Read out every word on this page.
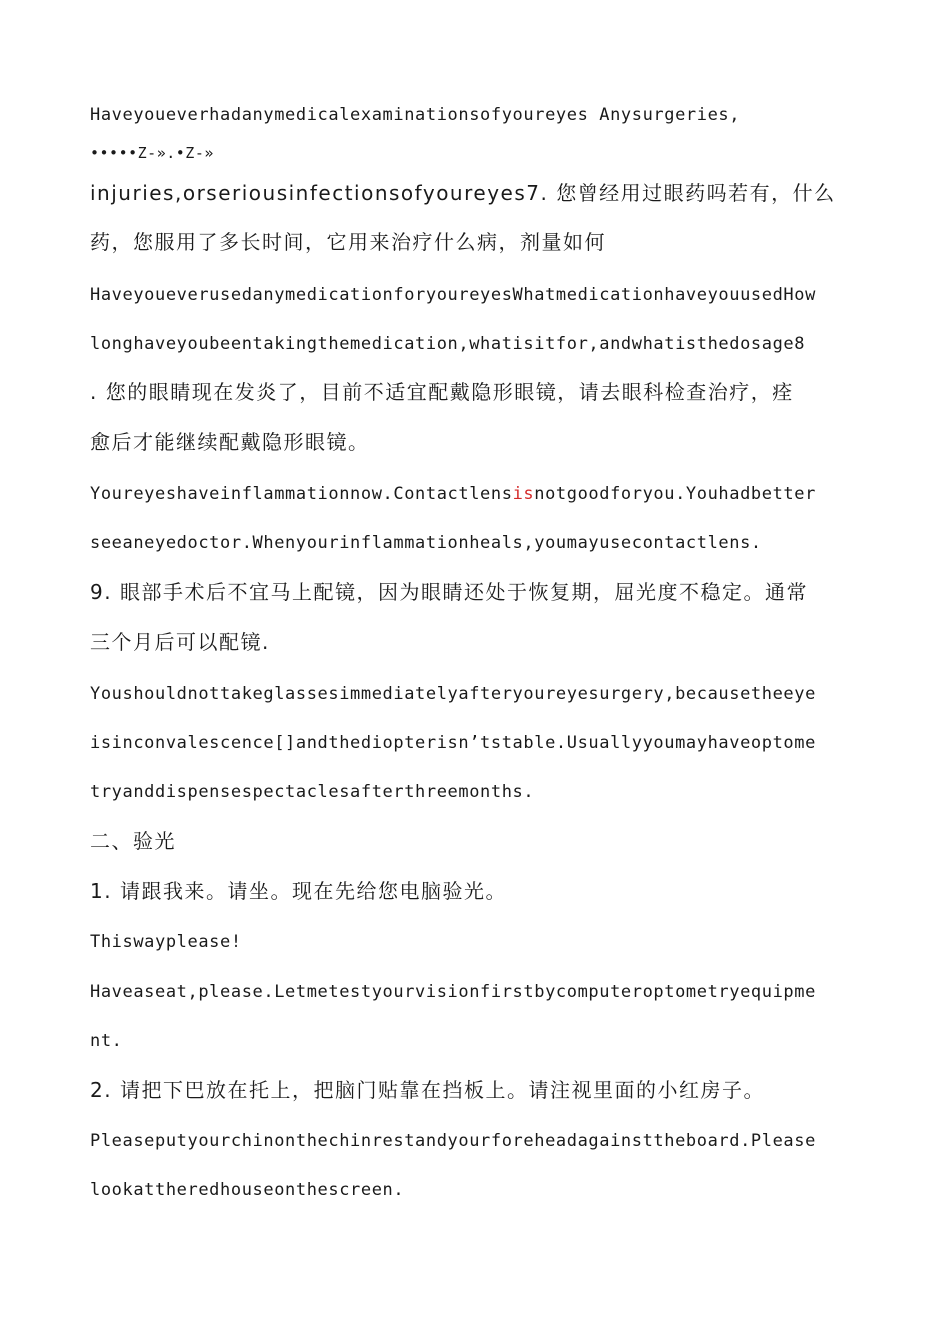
Haveyoueverhadanymedicalexaminationsofyoureyes Anysurgeries,
•••••Z-».•Z-»
injuries,orseriousinfectionsofyoureyes7. 您曾经用过眼药吗若有，什么
药，您服用了多长时间，它用来治疗什么病，剂量如何
HaveyoueverusedanymedicationforyoureyesWhatmedicationhaveyouusedHow
longhaveyoubeentakingthemedication,whatisitfor,andwhatisthedosage8
. 您的眼睛现在发炎了，目前不适宜配戴隐形眼镜，请去眼科检查治疗，痊
愈后才能继续配戴隐形眼镜。
Youreyeshaveinflammationnow.Contactlensisnotgoodforyou.Youhadbetter
seeaneyedoctor.Whenyourinflammationheals,youmayusecontactlens.
9. 眼部手术后不宜马上配镜，因为眼睛还处于恢复期，屈光度不稳定。通常
三个月后可以配镜.
Youshouldnottakeglassesimmediatelyafteryoureyesurgery,becausetheeye
isinconvalescence[]andthediopterisn’tstable.Usuallyyoumayhaveoptome
tryanddispensespectaclesafterthreemonths.
二、验光
1. 请跟我来。请坐。现在先给您电脑验光。
Thiswayplease!
Haveaseat,please.Letmetestyourvisionfirstbycomputeroptometryequipme
nt.
2. 请把下巴放在托上，把脑门贴靠在挡板上。请注视里面的小红房子。
Pleaseputyourchinonthechinrestandyourforeheadagainsttheboard.Please
lookattheredhouseonthescreen.
